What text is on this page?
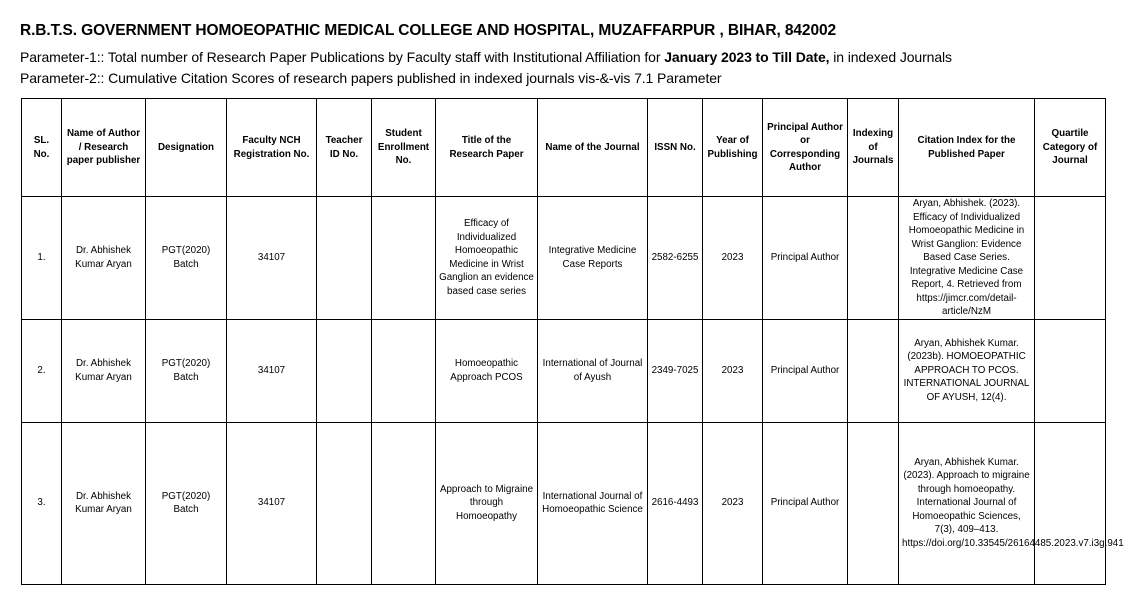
R.B.T.S. GOVERNMENT HOMOEOPATHIC MEDICAL COLLEGE AND HOSPITAL, MUZAFFARPUR , BIHAR, 842002
Parameter-1:: Total number of Research Paper Publications by Faculty staff with Institutional Affiliation for January 2023 to Till Date, in indexed Journals
Parameter-2:: Cumulative Citation Scores of research papers published in indexed journals vis-&-vis 7.1 Parameter
SL. No.	Name of Author / Research paper publisher	Designation	Faculty NCH Registration No.	Teacher ID No.	Student Enrollment No.	Title of the Research Paper	Name of the Journal	ISSN No.	Year of Publishing	Principal Author or Corresponding Author	Indexing of Journals	Citation Index for the Published Paper	Quartile Category of Journal
1.	Dr. Abhishek Kumar Aryan	PGT(2020) Batch	34107			Efficacy of Individualized Homoeopathic Medicine in Wrist Ganglion an evidence based case series	Integrative Medicine Case Reports	2582-6255	2023	Principal Author		Aryan, Abhishek. (2023). Efficacy of Individualized Homoeopathic Medicine in Wrist Ganglion: Evidence Based Case Series. Integrative Medicine Case Report, 4. Retrieved from https://jimcr.com/detail-article/NzM	
2.	Dr. Abhishek Kumar Aryan	PGT(2020) Batch	34107			Homoeopathic Approach PCOS	International of Journal of Ayush	2349-7025	2023	Principal Author		Aryan, Abhishek Kumar. (2023b). HOMOEOPATHIC APPROACH TO PCOS. INTERNATIONAL JOURNAL OF AYUSH, 12(4).	
3.	Dr. Abhishek Kumar Aryan	PGT(2020) Batch	34107			Approach to Migraine through Homoeopathy	International Journal of Homoeopathic Science	2616-4493	2023	Principal Author		Aryan, Abhishek Kumar. (2023). Approach to migraine through homoeopathy. International Journal of Homoeopathic Sciences, 7(3), 409–413. https://doi.org/10.33545/26164485.2023.v7.i3g.941	
